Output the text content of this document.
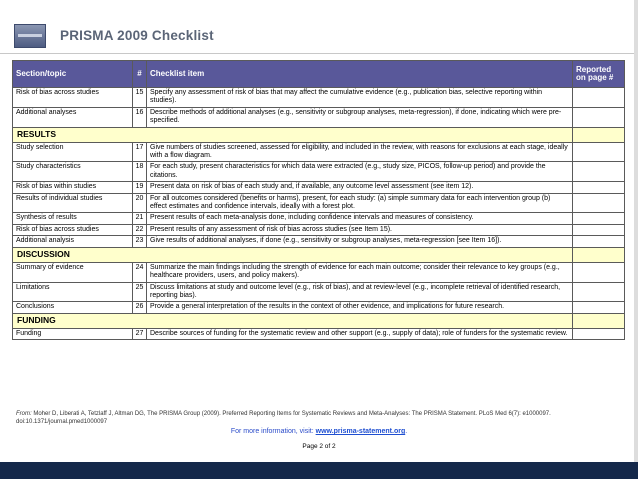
PRISMA 2009 Checklist
Section/topic	#	Checklist item	Reported on page #
Risk of bias across studies	15	Specify any assessment of risk of bias that may affect the cumulative evidence (e.g., publication bias, selective reporting within studies).	
Additional analyses	16	Describe methods of additional analyses (e.g., sensitivity or subgroup analyses, meta-regression), if done, indicating which were pre-specified.	
RESULTS			
Study selection	17	Give numbers of studies screened, assessed for eligibility, and included in the review, with reasons for exclusions at each stage, ideally with a flow diagram.	
Study characteristics	18	For each study, present characteristics for which data were extracted (e.g., study size, PICOS, follow-up period) and provide the citations.	
Risk of bias within studies	19	Present data on risk of bias of each study and, if available, any outcome level assessment (see item 12).	
Results of individual studies	20	For all outcomes considered (benefits or harms), present, for each study: (a) simple summary data for each intervention group (b) effect estimates and confidence intervals, ideally with a forest plot.	
Synthesis of results	21	Present results of each meta-analysis done, including confidence intervals and measures of consistency.	
Risk of bias across studies	22	Present results of any assessment of risk of bias across studies (see Item 15).	
Additional analysis	23	Give results of additional analyses, if done (e.g., sensitivity or subgroup analyses, meta-regression [see Item 16]).	
DISCUSSION			
Summary of evidence	24	Summarize the main findings including the strength of evidence for each main outcome; consider their relevance to key groups (e.g., healthcare providers, users, and policy makers).	
Limitations	25	Discuss limitations at study and outcome level (e.g., risk of bias), and at review-level (e.g., incomplete retrieval of identified research, reporting bias).	
Conclusions	26	Provide a general interpretation of the results in the context of other evidence, and implications for future research.	
FUNDING			
Funding	27	Describe sources of funding for the systematic review and other support (e.g., supply of data); role of funders for the systematic review.	
From: Moher D, Liberati A, Tetzlaff J, Altman DG, The PRISMA Group (2009). Preferred Reporting Items for Systematic Reviews and Meta-Analyses: The PRISMA Statement. PLoS Med 6(7): e1000097. doi:10.1371/journal.pmed1000097
For more information, visit: www.prisma-statement.org.
Page 2 of 2
